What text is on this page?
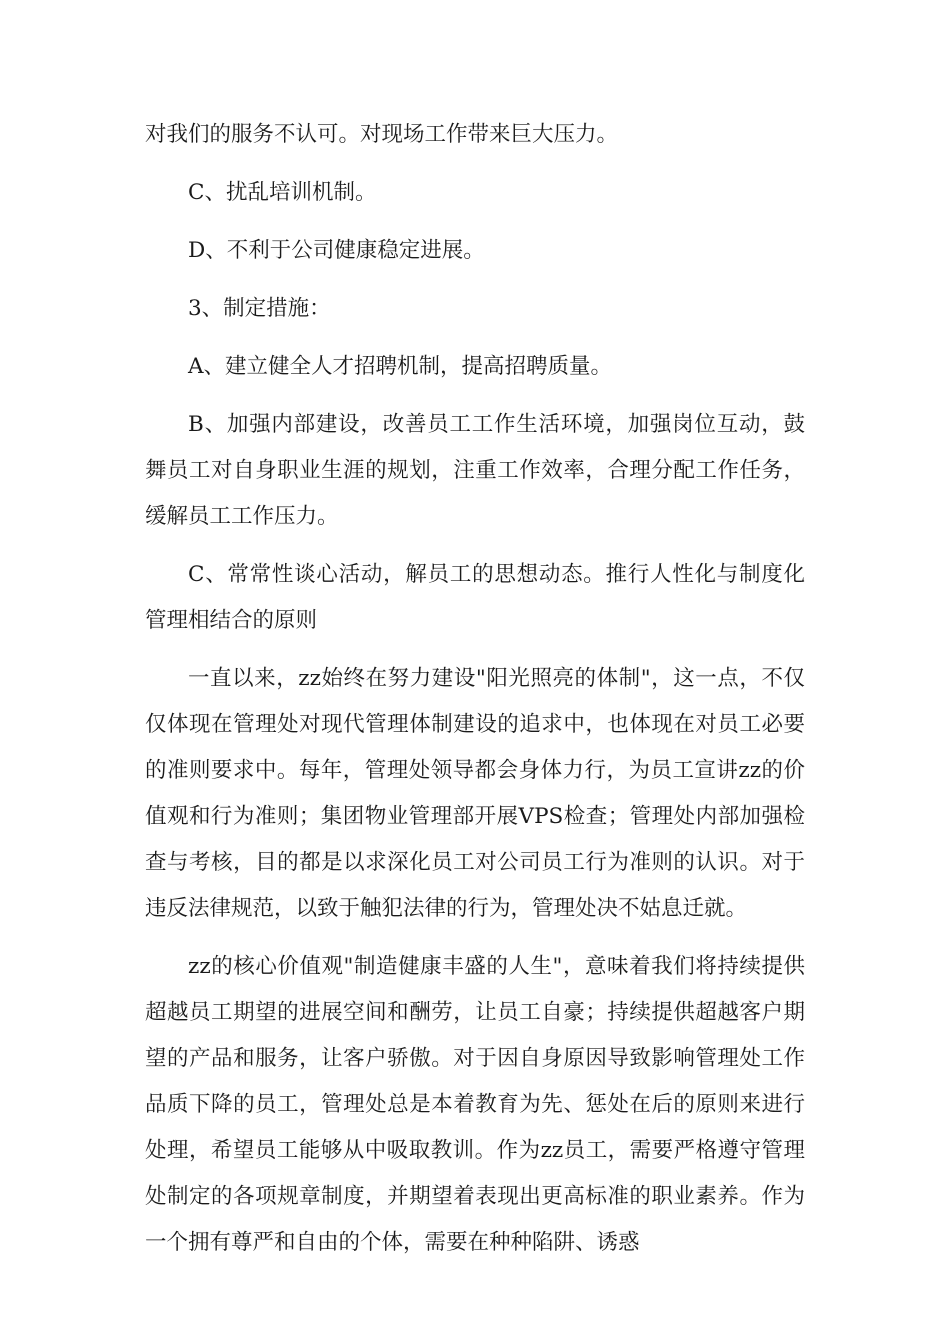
对我们的服务不认可。对现场工作带来巨大压力。

C、扰乱培训机制。

D、不利于公司健康稳定进展。

3、制定措施：

A、建立健全人才招聘机制，提高招聘质量。

B、加强内部建设，改善员工工作生活环境，加强岗位互动，鼓舞员工对自身职业生涯的规划，注重工作效率，合理分配工作任务，缓解员工工作压力。

C、常常性谈心活动，解员工的思想动态。推行人性化与制度化管理相结合的原则

一直以来，zz始终在努力建设"阳光照亮的体制"，这一点，不仅仅体现在管理处对现代管理体制建设的追求中，也体现在对员工必要的准则要求中。每年，管理处领导都会身体力行，为员工宣讲zz的价值观和行为准则；集团物业管理部开展VPS检查；管理处内部加强检查与考核，目的都是以求深化员工对公司员工行为准则的认识。对于违反法律规范，以致于触犯法律的行为，管理处决不姑息迁就。

zz的核心价值观"制造健康丰盛的人生"，意味着我们将持续提供超越员工期望的进展空间和酬劳，让员工自豪；持续提供超越客户期望的产品和服务，让客户骄傲。对于因自身原因导致影响管理处工作品质下降的员工，管理处总是本着教育为先、惩处在后的原则来进行处理，希望员工能够从中吸取教训。作为zz员工，需要严格遵守管理处制定的各项规章制度，并期望着表现出更高标准的职业素养。作为一个拥有尊严和自由的个体，需要在种种陷阱、诱惑
